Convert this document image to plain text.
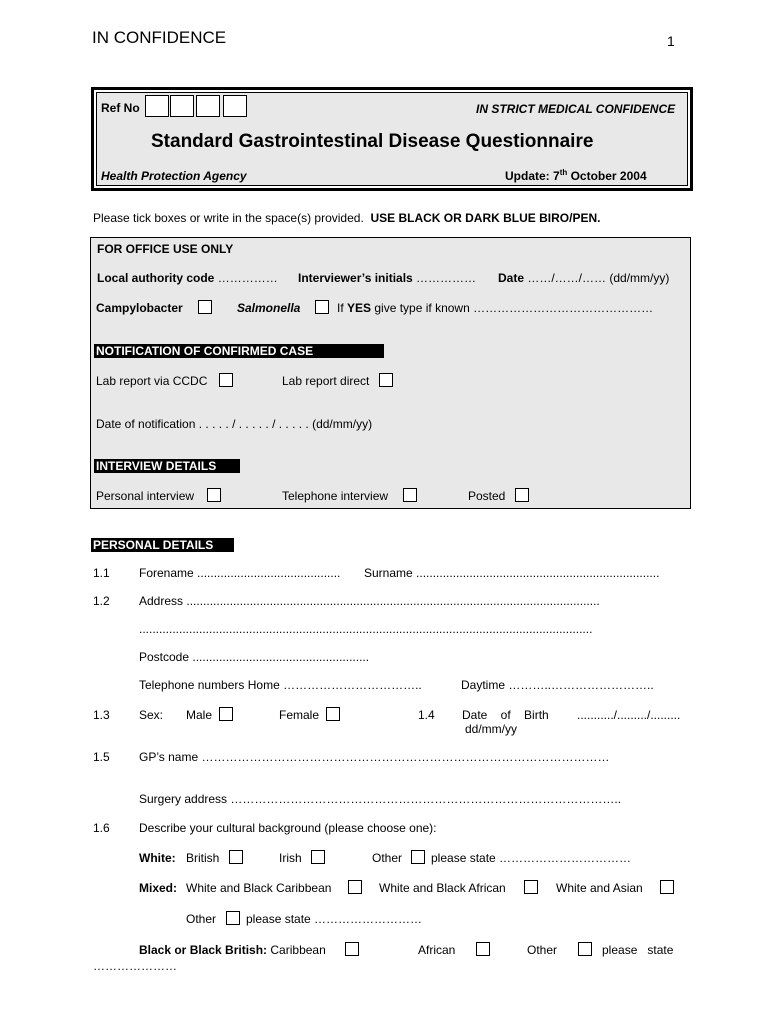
IN CONFIDENCE	1
Ref No	IN STRICT MEDICAL CONFIDENCE
Standard Gastrointestinal Disease Questionnaire
Health Protection Agency	Update: 7th October 2004
Please tick boxes or write in the space(s) provided. USE BLACK OR DARK BLUE BIRO/PEN.
FOR OFFICE USE ONLY
Local authority code …………… Interviewer’s initials …………… Date ……/……/…… (dd/mm/yy)
Campylobacter	Salmonella	If YES give type if known ………………………………………
NOTIFICATION OF CONFIRMED CASE
Lab report via CCDC	Lab report direct
Date of notification . . . . . / . . . . . / . . . . . (dd/mm/yy)
INTERVIEW DETAILS
Personal interview	Telephone interview	Posted
PERSONAL DETAILS
1.1 Forename ........................................... Surname .........................................................................
1.2 Address ............................................................................................................................
........................................................................................................................................
Postcode .....................................................
Telephone numbers Home ……………………………..	Daytime ………..……………………..
1.3 Sex: Male	Female	1.4 Date    of    Birth .........../........./.........
dd/mm/yy
1.5 GP’s name …………………………………………………………………………………………
Surgery address ……………………………………………………………………………………..
1.6 Describe your cultural background (please choose one):
White: British	Irish	Other please state ……………………………
Mixed: White and Black Caribbean	White and Black African	White and Asian
Other please state ………………………
Black or Black British: Caribbean	African	Other	please   state
…………………
